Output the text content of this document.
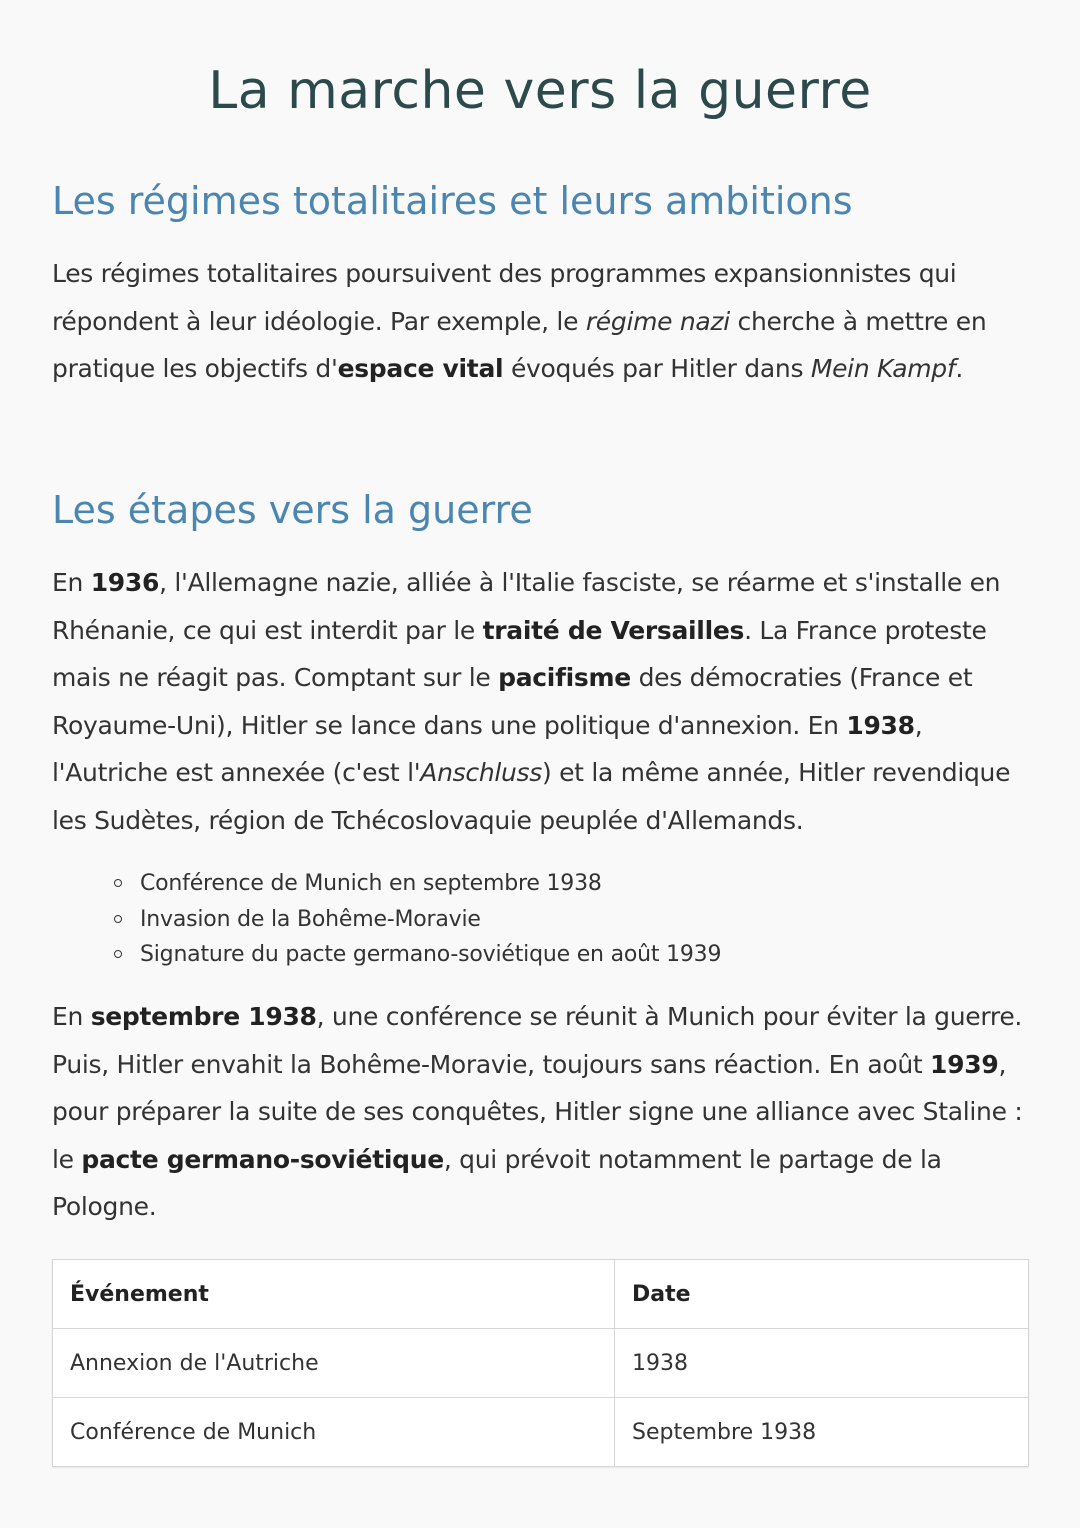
La marche vers la guerre
Les régimes totalitaires et leurs ambitions

Les régimes totalitaires poursuivent des programmes expansionnistes qui répondent à leur idéologie. Par exemple, le régime nazi cherche à mettre en pratique les objectifs d'espace vital évoqués par Hitler dans Mein Kampf.

Les étapes vers la guerre

En 1936, l'Allemagne nazie, alliée à l'Italie fasciste, se réarme et s'installe en Rhénanie, ce qui est interdit par le traité de Versailles. La France proteste mais ne réagit pas. Comptant sur le pacifisme des démocraties (France et Royaume-Uni), Hitler se lance dans une politique d'annexion. En 1938, l'Autriche est annexée (c'est l'Anschluss) et la même année, Hitler revendique les Sudètes, région de Tchécoslovaquie peuplée d'Allemands.

Conférence de Munich en septembre 1938
Invasion de la Bohême-Moravie
Signature du pacte germano-soviétique en août 1939

En septembre 1938, une conférence se réunit à Munich pour éviter la guerre. Puis, Hitler envahit la Bohême-Moravie, toujours sans réaction. En août 1939, pour préparer la suite de ses conquêtes, Hitler signe une alliance avec Staline : le pacte germano-soviétique, qui prévoit notamment le partage de la Pologne.

Événement	Date
Annexion de l'Autriche	1938
Conférence de Munich	Septembre 1938
